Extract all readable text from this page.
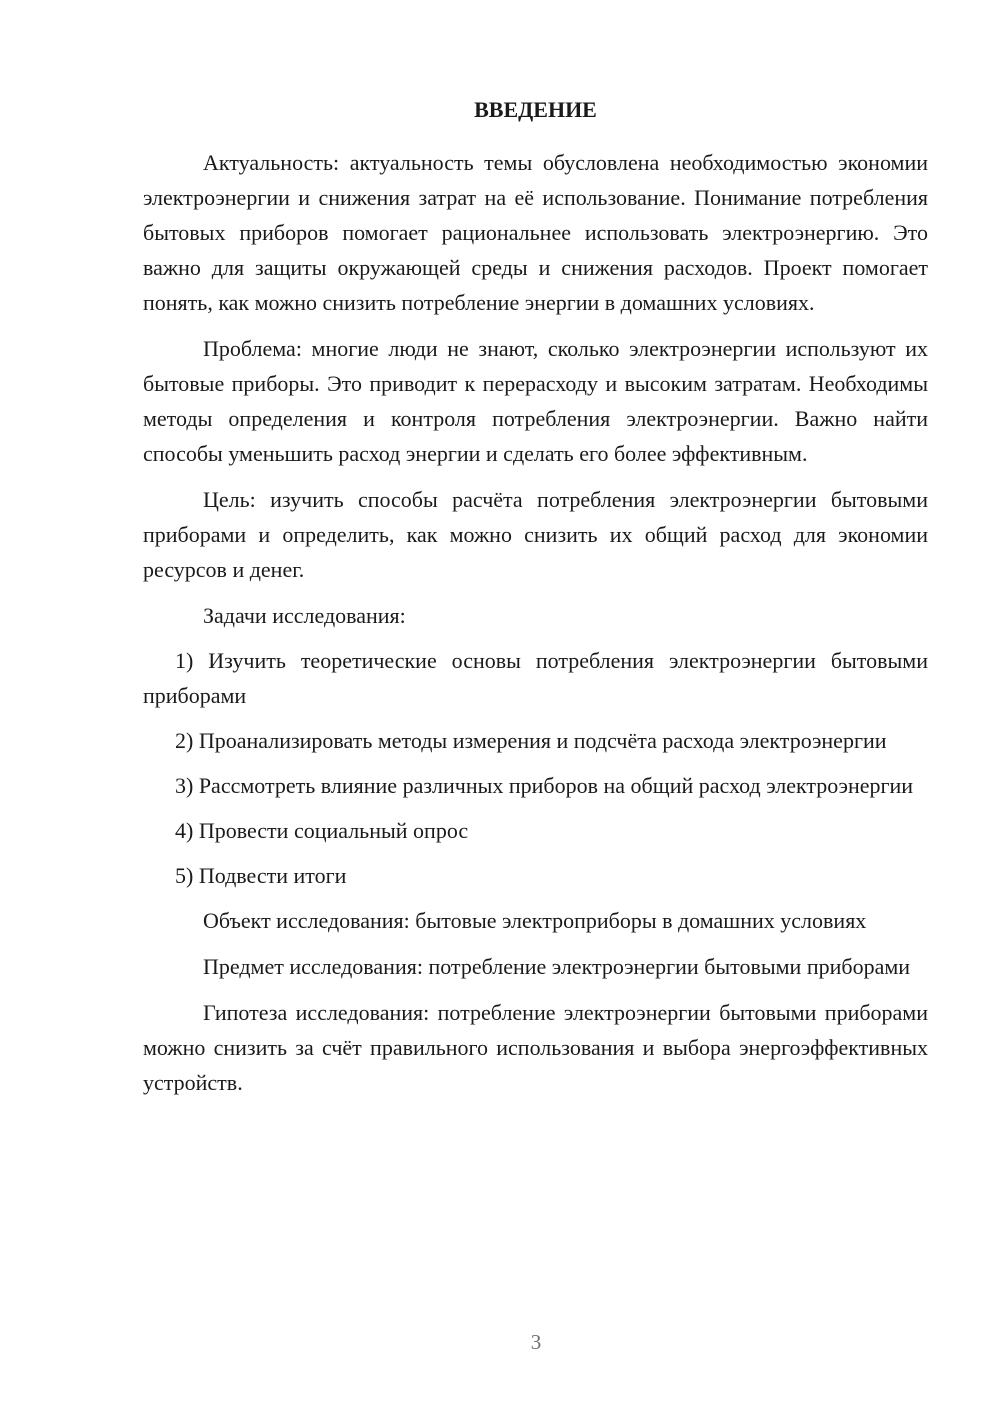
ВВЕДЕНИЕ

Актуальность: актуальность темы обусловлена необходимостью экономии электроэнергии и снижения затрат на её использование. Понимание потребления бытовых приборов помогает рациональнее использовать электроэнергию. Это важно для защиты окружающей среды и снижения расходов. Проект помогает понять, как можно снизить потребление энергии в домашних условиях.

Проблема: многие люди не знают, сколько электроэнергии используют их бытовые приборы. Это приводит к перерасходу и высоким затратам. Необходимы методы определения и контроля потребления электроэнергии. Важно найти способы уменьшить расход энергии и сделать его более эффективным.

Цель: изучить способы расчёта потребления электроэнергии бытовыми приборами и определить, как можно снизить их общий расход для экономии ресурсов и денег.

Задачи исследования:

1) Изучить теоретические основы потребления электроэнергии бытовыми приборами

2) Проанализировать методы измерения и подсчёта расхода электроэнергии

3) Рассмотреть влияние различных приборов на общий расход электроэнергии

4) Провести социальный опрос

5) Подвести итоги

Объект исследования: бытовые электроприборы в домашних условиях

Предмет исследования: потребление электроэнергии бытовыми приборами

Гипотеза исследования: потребление электроэнергии бытовыми приборами можно снизить за счёт правильного использования и выбора энергоэффективных устройств.

3
